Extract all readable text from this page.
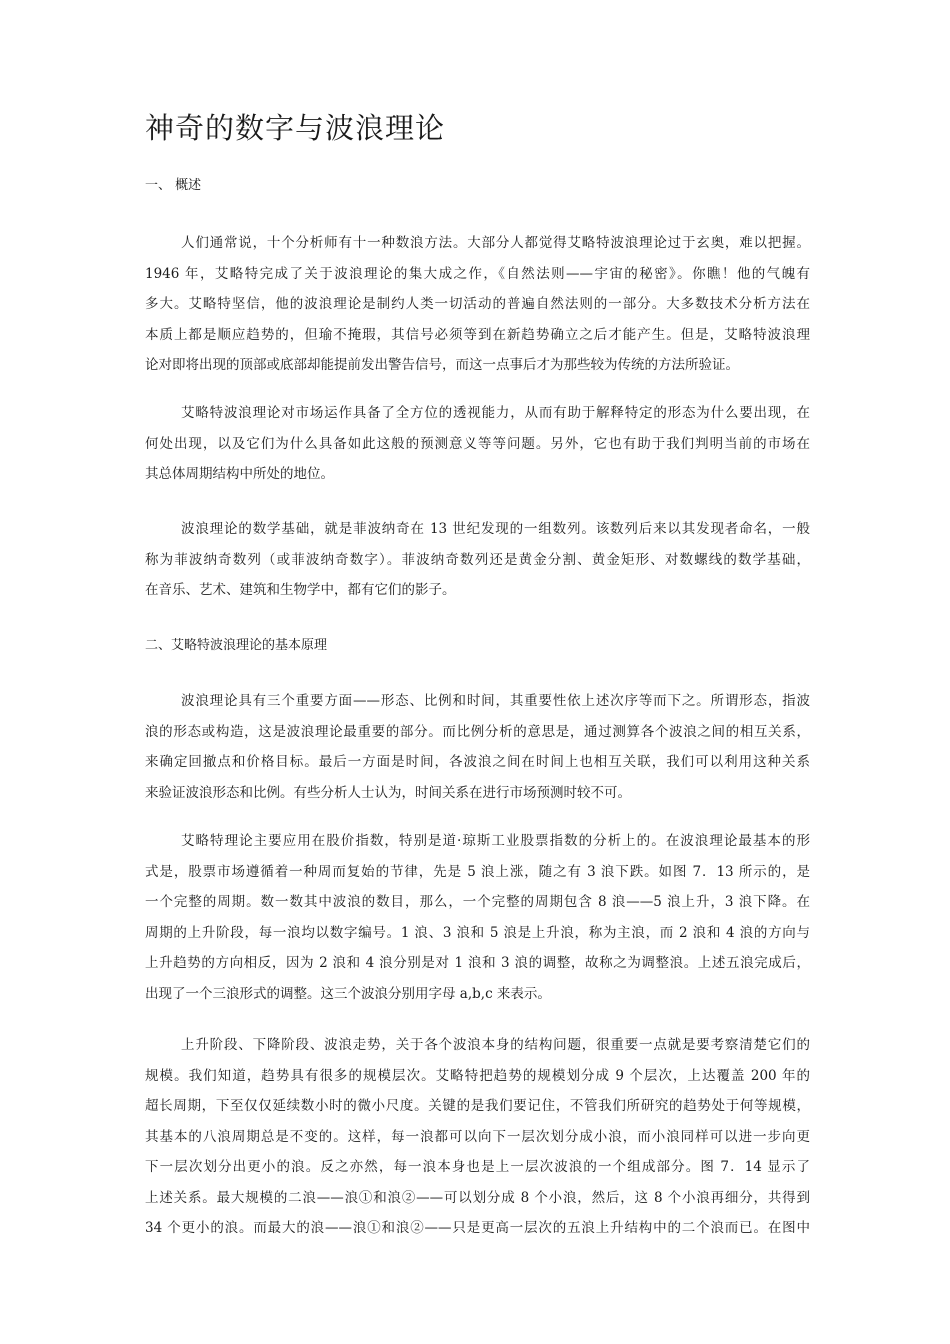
神奇的数字与波浪理论
一、 概述
人们通常说，十个分析师有十一种数浪方法。大部分人都觉得艾略特波浪理论过于玄奥，难以把握。
1946 年，艾略特完成了关于波浪理论的集大成之作，《自然法则——宇宙的秘密》。你瞧！他的气魄有
多大。艾略特坚信，他的波浪理论是制约人类一切活动的普遍自然法则的一部分。大多数技术分析方法在
本质上都是顺应趋势的，但瑜不掩瑕，其信号必须等到在新趋势确立之后才能产生。但是，艾略特波浪理
论对即将出现的顶部或底部却能提前发出警告信号，而这一点事后才为那些较为传统的方法所验证。
艾略特波浪理论对市场运作具备了全方位的透视能力，从而有助于解释特定的形态为什么要出现，在
何处出现，以及它们为什么具备如此这般的预测意义等等问题。另外，它也有助于我们判明当前的市场在
其总体周期结构中所处的地位。
波浪理论的数学基础，就是菲波纳奇在 13 世纪发现的一组数列。该数列后来以其发现者命名，一般
称为菲波纳奇数列（或菲波纳奇数字）。菲波纳奇数列还是黄金分割、黄金矩形、对数螺线的数学基础，
在音乐、艺术、建筑和生物学中，都有它们的影子。
二、艾略特波浪理论的基本原理
波浪理论具有三个重要方面——形态、比例和时间，其重要性依上述次序等而下之。所谓形态，指波
浪的形态或构造，这是波浪理论最重要的部分。而比例分析的意思是，通过测算各个波浪之间的相互关系，
来确定回撤点和价格目标。最后一方面是时间，各波浪之间在时间上也相互关联，我们可以利用这种关系
来验证波浪形态和比例。有些分析人士认为，时间关系在进行市场预测时较不可。
艾略特理论主要应用在股价指数，特别是道·琼斯工业股票指数的分析上的。在波浪理论最基本的形
式是，股票市场遵循着一种周而复始的节律，先是 5 浪上涨，随之有 3 浪下跌。如图 7．13 所示的，是
一个完整的周期。数一数其中波浪的数目，那么，一个完整的周期包含 8 浪——5 浪上升，3 浪下降。在
周期的上升阶段，每一浪均以数字编号。1 浪、3 浪和 5 浪是上升浪，称为主浪，而 2 浪和 4 浪的方向与
上升趋势的方向相反，因为 2 浪和 4 浪分别是对 1 浪和 3 浪的调整，故称之为调整浪。上述五浪完成后，
出现了一个三浪形式的调整。这三个波浪分别用字母 a,b,c 来表示。
上升阶段、下降阶段、波浪走势，关于各个波浪本身的结构问题，很重要一点就是要考察清楚它们的
规模。我们知道，趋势具有很多的规模层次。艾略特把趋势的规模划分成 9 个层次，上达覆盖 200 年的
超长周期，下至仅仅延续数小时的微小尺度。关键的是我们要记住，不管我们所研究的趋势处于何等规模，
其基本的八浪周期总是不变的。这样，每一浪都可以向下一层次划分成小浪，而小浪同样可以进一步向更
下一层次划分出更小的浪。反之亦然，每一浪本身也是上一层次波浪的一个组成部分。图 7．14 显示了
上述关系。最大规模的二浪——浪①和浪②——可以划分成 8 个小浪，然后，这 8 个小浪再细分，共得到
34 个更小的浪。而最大的浪——浪①和浪②——只是更高一层次的五浪上升结构中的二个浪而已。在图中
